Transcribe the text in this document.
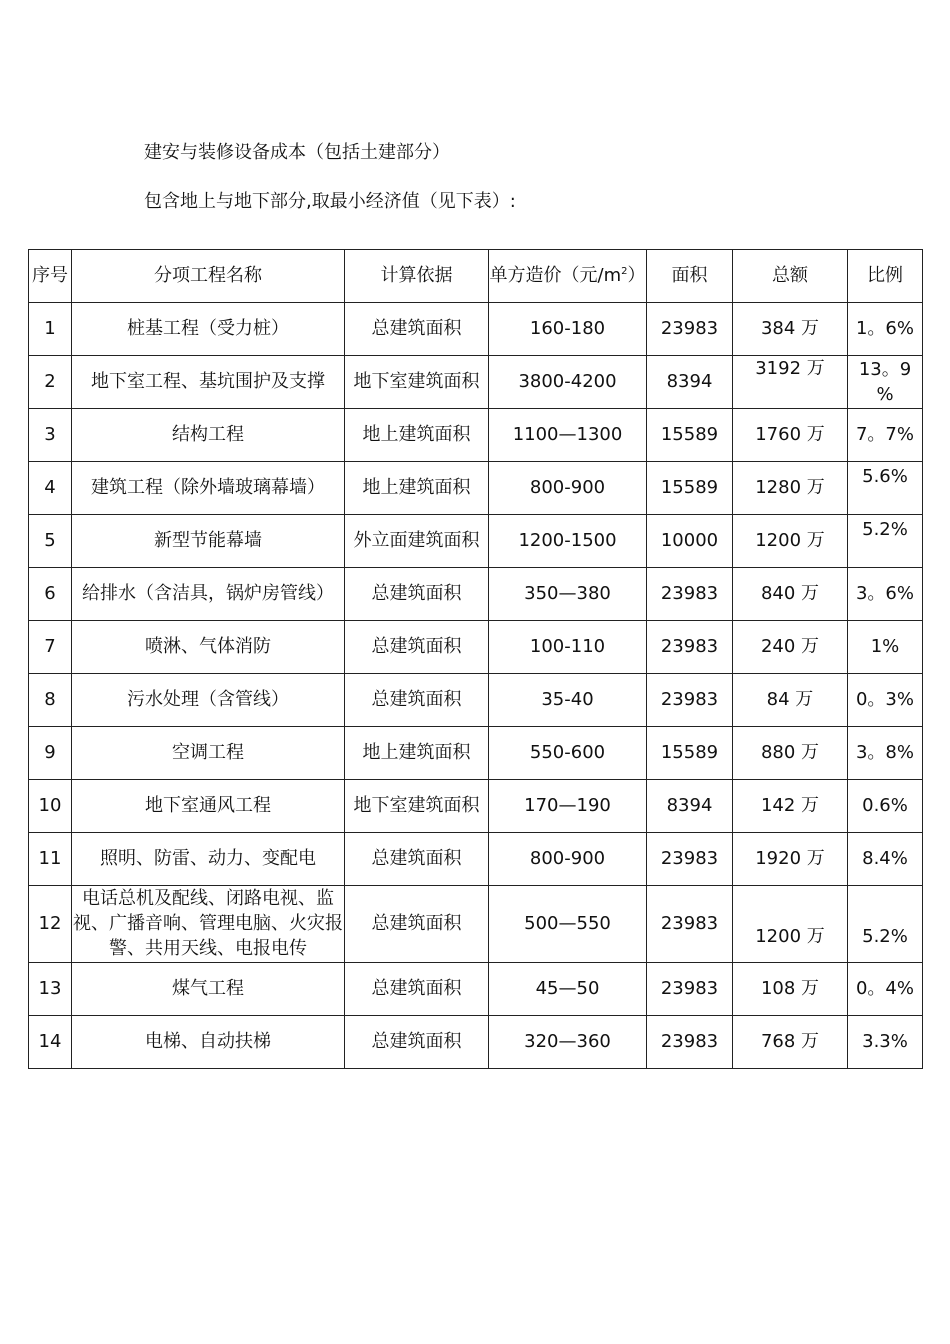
建安与装修设备成本（包括土建部分）
包含地上与地下部分,取最小经济值（见下表）:
序号	分项工程名称	计算依据	单方造价（元$/m^2$）	面积	总额	比例
1	桩基工程（受力桩）	总建筑面积	160-180	23983	384 万	1。6%
2	地下室工程、基坑围护及支撑	地下室建筑面积	3800-4200	8394	3192 万	13。9 %
3	结构工程	地上建筑面积	1100—1300	15589	1760 万	7。7%
4	建筑工程（除外墙玻璃幕墙）	地上建筑面积	800-900	15589	1280 万	5.6%
5	新型节能幕墙	外立面建筑面积	1200-1500	10000	1200 万	5.2%
6	给排水（含洁具，锅炉房管线）	总建筑面积	350—380	23983	840 万	3。6%
7	喷淋、气体消防	总建筑面积	100-110	23983	240 万	1%
8	污水处理（含管线）	总建筑面积	35-40	23983	84 万	0。3%
9	空调工程	地上建筑面积	550-600	15589	880 万	3。8%
10	地下室通风工程	地下室建筑面积	170—190	8394	142 万	0.6%
11	照明、防雷、动力、变配电	总建筑面积	800-900	23983	1920 万	8.4%
12	电话总机及配线、闭路电视、监视、广播音响、管理电脑、火灾报警、共用天线、电报电传	总建筑面积	500—550	23983	1200 万	5.2%
13	煤气工程	总建筑面积	45—50	23983	108 万	0。4%
14	电梯、自动扶梯	总建筑面积	320—360	23983	768 万	3.3%
